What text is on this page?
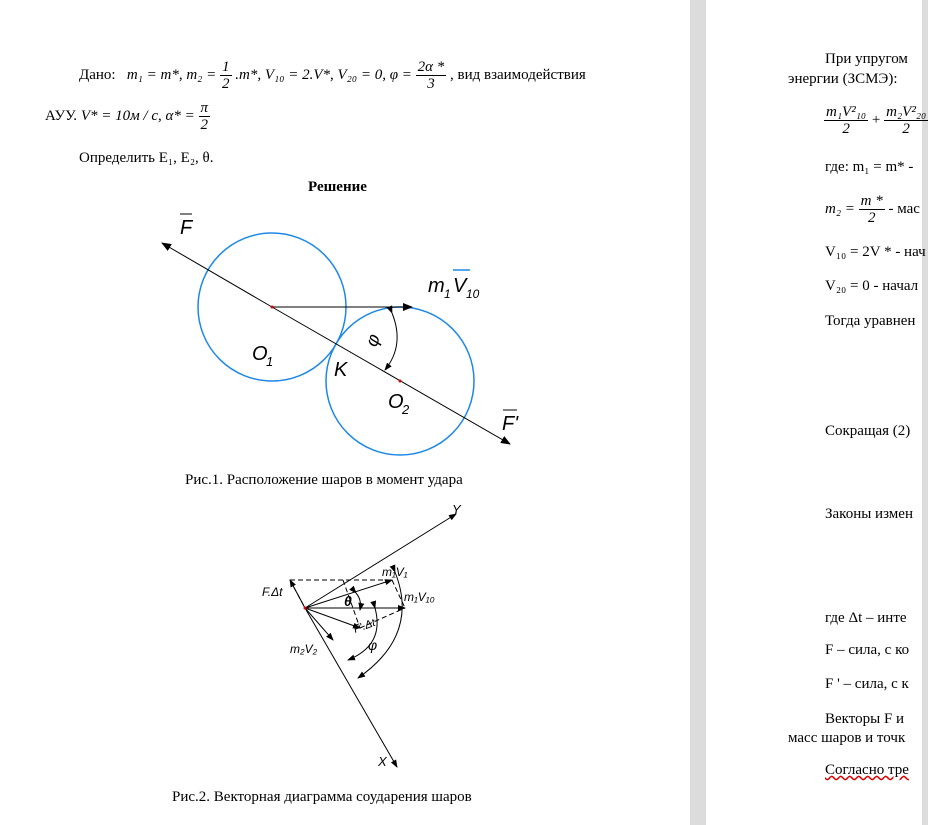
Дано: m₁ = m*, $m_2 = \frac{1}{2} .m*$, V₁₀ = 2.V*, V₂₀ = 0, $\varphi = \frac{2\alpha *}{3}$ , вид взаимодействия
АУУ. V* = 10м / с, $\alpha* = \frac{\pi}{2}$
Определить E₁, E₂, θ.
Решение
F
m 1 V 10
O
1
O
2
K
φ
F'
Рис.1. Расположение шаров в момент удара
Y
X
F.Δt
F'.Δt
m₁V₁
m₁V₁₀
m₂V₂
θ
φ
Рис.2. Векторная диаграмма соударения шаров
При упругом
энергии (ЗСМЭ):
$\frac{\text{m₁V²₁₀}}{2} + \frac{\text{m₂V²₂₀}}{2}$
где: m₁ = m* -
$m_2 = \frac{m *}{2}$ - мас
V₁₀ = 2V * - нач
V₂₀ = 0 - начал
Тогда уравнен
Сокращая (2)
Законы измен
где Δt – инте
F – сила, с ко
F ' – сила, с к
Векторы F и
масс шаров и точк
Согласно тре
